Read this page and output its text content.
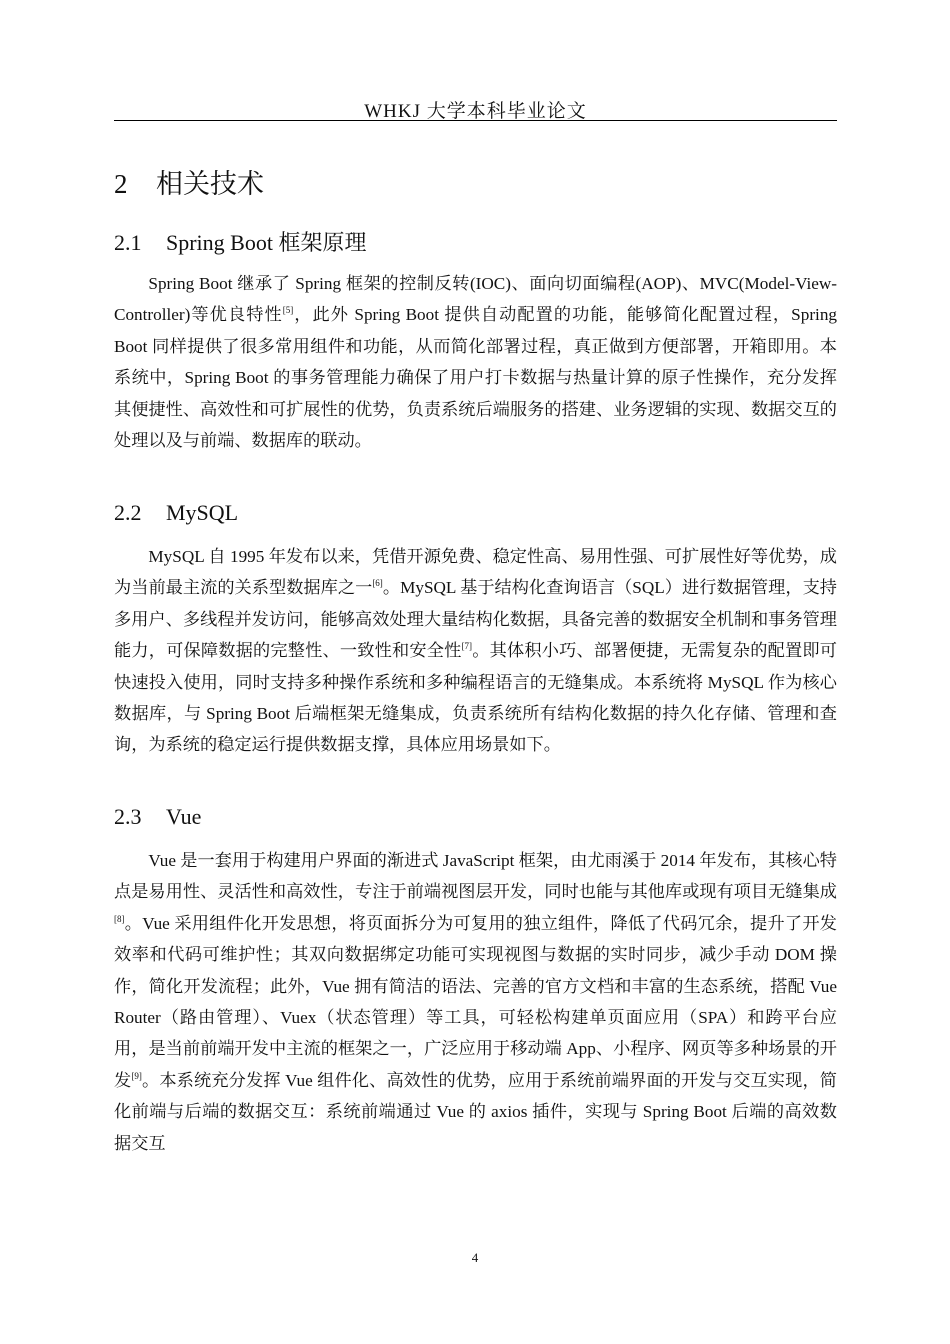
WHKJ 大学本科毕业论文
2 相关技术
2.1 Spring Boot 框架原理

Spring Boot 继承了 Spring 框架的控制反转(IOC)、面向切面编程(AOP)、MVC(Model-View-Controller)等优良特性[5]，此外 Spring Boot 提供自动配置的功能，能够简化配置过程，Spring Boot 同样提供了很多常用组件和功能，从而简化部署过程，真正做到方便部署，开箱即用。本系统中，Spring Boot 的事务管理能力确保了用户打卡数据与热量计算的原子性操作，充分发挥其便捷性、高效性和可扩展性的优势，负责系统后端服务的搭建、业务逻辑的实现、数据交互的处理以及与前端、数据库的联动。

2.2 MySQL

MySQL 自 1995 年发布以来，凭借开源免费、稳定性高、易用性强、可扩展性好等优势，成为当前最主流的关系型数据库之一[6]。MySQL 基于结构化查询语言（SQL）进行数据管理，支持多用户、多线程并发访问，能够高效处理大量结构化数据，具备完善的数据安全机制和事务管理能力，可保障数据的完整性、一致性和安全性[7]。其体积小巧、部署便捷，无需复杂的配置即可快速投入使用，同时支持多种操作系统和多种编程语言的无缝集成。本系统将 MySQL 作为核心数据库，与 Spring Boot 后端框架无缝集成，负责系统所有结构化数据的持久化存储、管理和查询，为系统的稳定运行提供数据支撑，具体应用场景如下。

2.3 Vue

Vue 是一套用于构建用户界面的渐进式 JavaScript 框架，由尤雨溪于 2014 年发布，其核心特点是易用性、灵活性和高效性，专注于前端视图层开发，同时也能与其他库或现有项目无缝集成[8]。Vue 采用组件化开发思想，将页面拆分为可复用的独立组件，降低了代码冗余，提升了开发效率和代码可维护性；其双向数据绑定功能可实现视图与数据的实时同步，减少手动 DOM 操作，简化开发流程；此外，Vue 拥有简洁的语法、完善的官方文档和丰富的生态系统，搭配 Vue Router（路由管理）、Vuex（状态管理）等工具，可轻松构建单页面应用（SPA）和跨平台应用，是当前前端开发中主流的框架之一，广泛应用于移动端 App、小程序、网页等多种场景的开发[9]。本系统充分发挥 Vue 组件化、高效性的优势，应用于系统前端界面的开发与交互实现，简化前端与后端的数据交互：系统前端通过 Vue 的 axios 插件，实现与 Spring Boot 后端的高效数据交互

4
